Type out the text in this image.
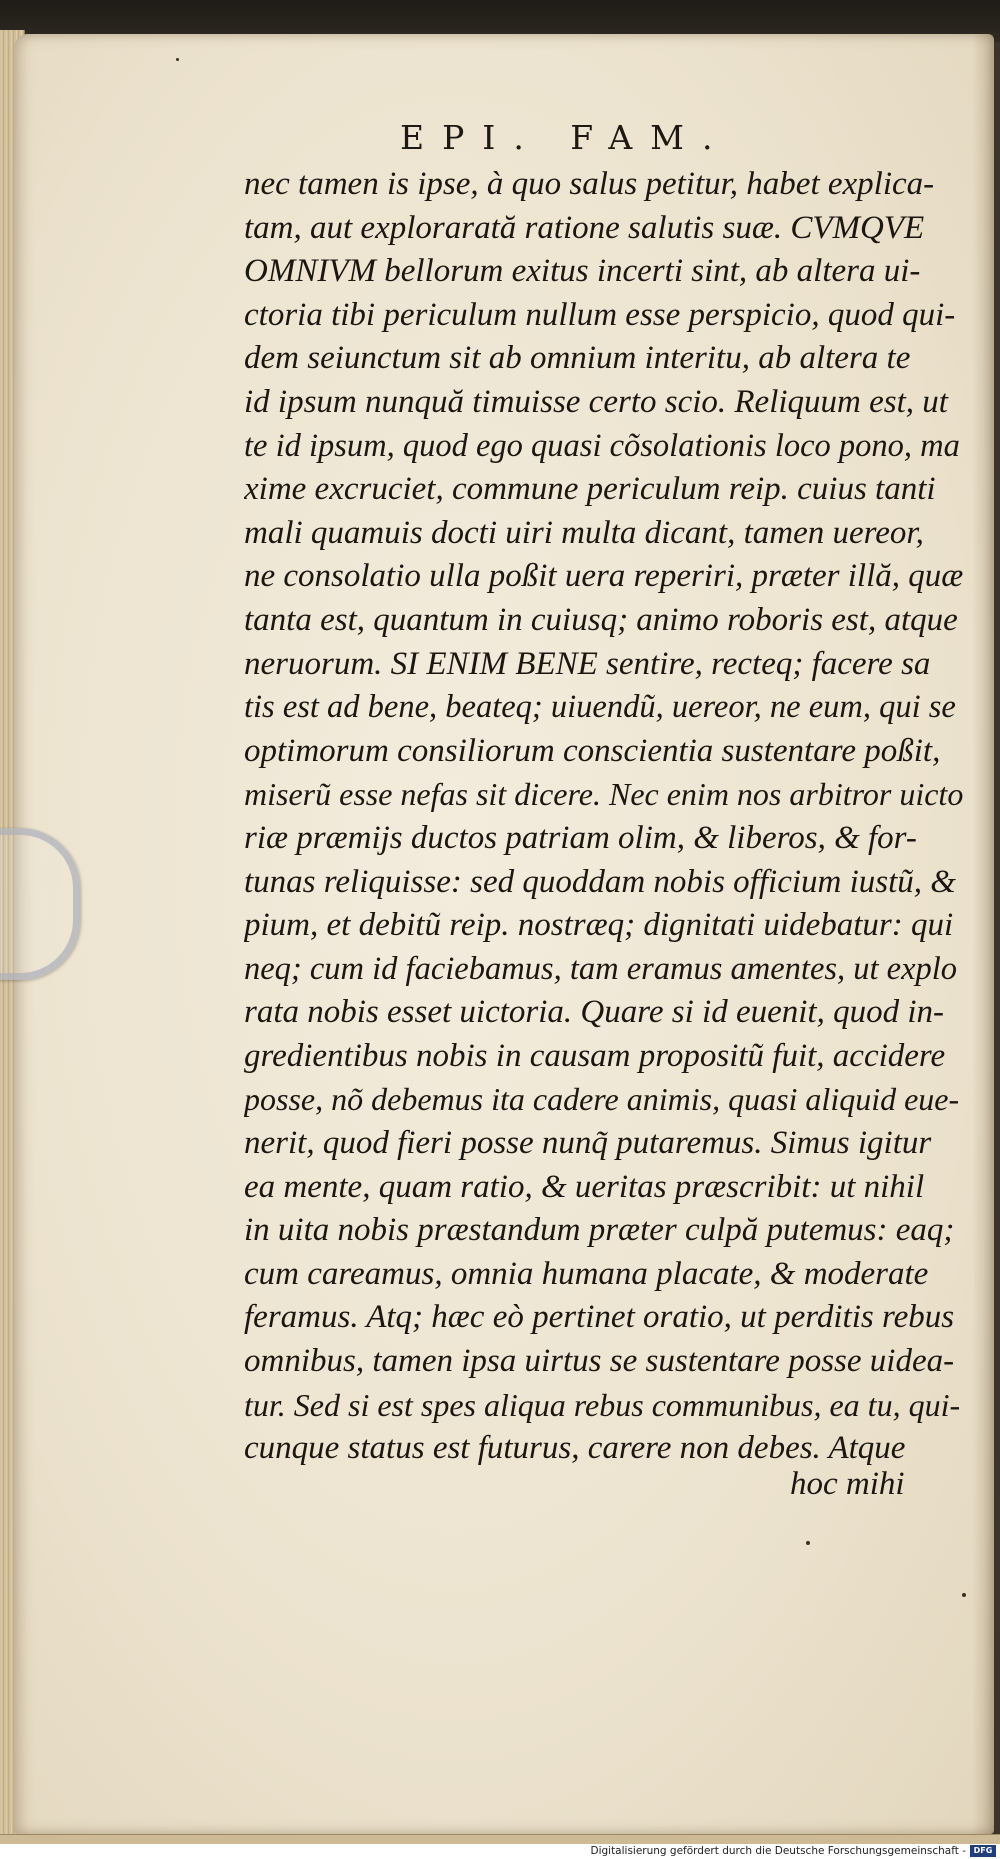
EPI. FAM.
nec tamen is ipse, à quo salus petitur, habet explica-
tam, aut explorarată ratione salutis suæ. CVMQVE
OMNIVM bellorum exitus incerti sint, ab altera ui-
ctoria tibi periculum nullum esse perspicio, quod qui-
dem seiunctum sit ab omnium interitu, ab altera te
id ipsum nunquă timuisse certo scio. Reliquum est, ut
te id ipsum, quod ego quasi cõsolationis loco pono, ma
xime excruciet, commune periculum reip. cuius tanti
mali quamuis docti uiri multa dicant, tamen uereor,
ne consolatio ulla poßit uera reperiri, præter illă, quæ
tanta est, quantum in cuiusq; animo roboris est, atque
neruorum. SI ENIM BENE sentire, recteq; facere sa
tis est ad bene, beateq; uiuendũ, uereor, ne eum, qui se
optimorum consiliorum conscientia sustentare poßit,
miserũ esse nefas sit dicere. Nec enim nos arbitror uicto
riæ præmijs ductos patriam olim, & liberos, & for-
tunas reliquisse: sed quoddam nobis officium iustũ, &
pium, et debitũ reip. nostræq; dignitati uidebatur: qui
neq; cum id faciebamus, tam eramus amentes, ut explo
rata nobis esset uictoria. Quare si id euenit, quod in-
gredientibus nobis in causam propositũ fuit, accidere
posse, nõ debemus ita cadere animis, quasi aliquid eue-
nerit, quod fieri posse nunq̃ putaremus. Simus igitur
ea mente, quam ratio, & ueritas præscribit: ut nihil
in uita nobis præstandum præter culpă putemus: eaq;
cum careamus, omnia humana placate, & moderate
feramus. Atq; hæc eò pertinet oratio, ut perditis rebus
omnibus, tamen ipsa uirtus se sustentare posse uidea-
tur. Sed si est spes aliqua rebus communibus, ea tu, qui-
cunque status est futurus, carere non debes. Atque
hoc mihi
Digitalisierung gefördert durch die Deutsche Forschungsgemeinschaft - DFG
